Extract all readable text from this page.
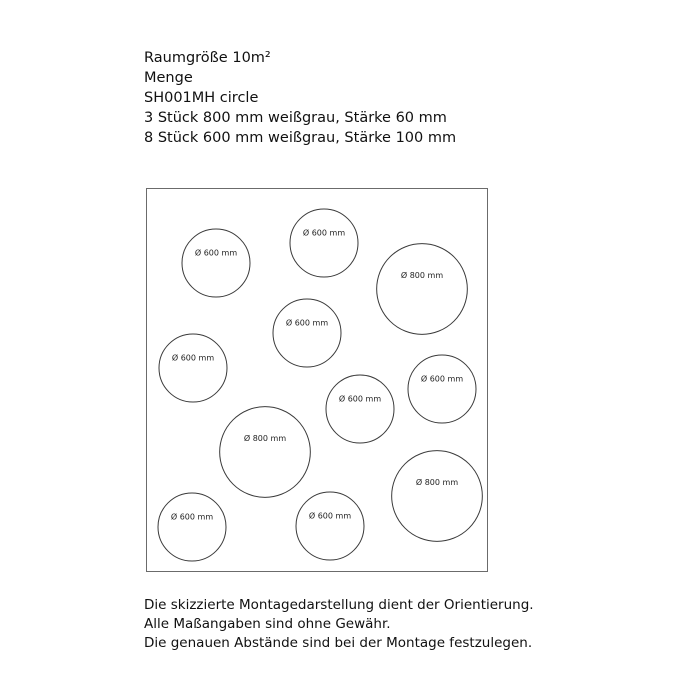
Raumgröße 10m²
Menge
SH001MH circle
3 Stück 800 mm weißgrau, Stärke 60 mm
8 Stück 600 mm weißgrau, Stärke 100 mm
Ø 600 mm
Ø 600 mm
Ø 800 mm
Ø 600 mm
Ø 600 mm
Ø 600 mm
Ø 600 mm
Ø 800 mm
Ø 800 mm
Ø 600 mm	Ø 600 mm
Die skizzierte Montagedarstellung dient der Orientierung.
Alle Maßangaben sind ohne Gewähr.
Die genauen Abstände sind bei der Montage festzulegen.
